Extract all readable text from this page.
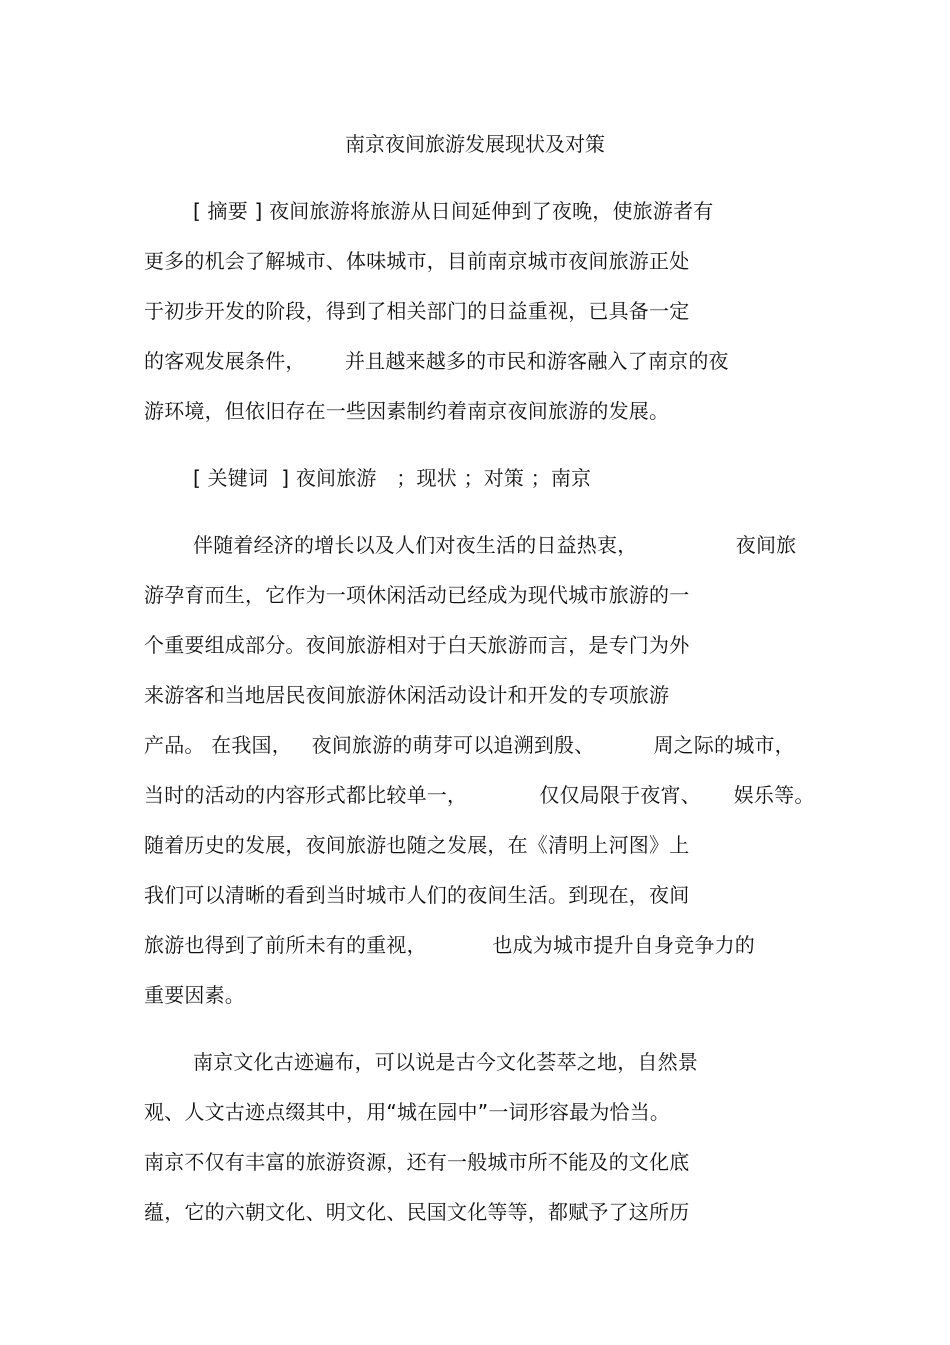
南京夜间旅游发展现状及对策
[ 摘要 ] 夜间旅游将旅游从日间延伸到了夜晚，使旅游者有
更多的机会了解城市、体味城市，目前南京城市夜间旅游正处
于初步开发的阶段，得到了相关部门的日益重视，已具备一定
的客观发展条件，      并且越来越多的市民和游客融入了南京的夜
游环境，但依旧存在一些因素制约着南京夜间旅游的发展。
[ 关键词  ] 夜间旅游   ；现状 ；对策 ；南京
伴随着经济的增长以及人们对夜生活的日益热衷，               夜间旅
游孕育而生，它作为一项休闲活动已经成为现代城市旅游的一
个重要组成部分。夜间旅游相对于白天旅游而言，是专门为外
来游客和当地居民夜间旅游休闲活动设计和开发的专项旅游
产品。 在我国，   夜间旅游的萌芽可以追溯到殷、         周之际的城市，
当时的活动的内容形式都比较单一，           仅仅局限于夜宵、     娱乐等。
随着历史的发展，夜间旅游也随之发展，在《清明上河图》上
我们可以清晰的看到当时城市人们的夜间生活。到现在，夜间
旅游也得到了前所未有的重视，          也成为城市提升自身竞争力的
重要因素。
南京文化古迹遍布，可以说是古今文化荟萃之地，自然景
观、人文古迹点缀其中，用“城在园中”一词形容最为恰当。
南京不仅有丰富的旅游资源，还有一般城市所不能及的文化底
蕴，它的六朝文化、明文化、民国文化等等，都赋予了这所历
